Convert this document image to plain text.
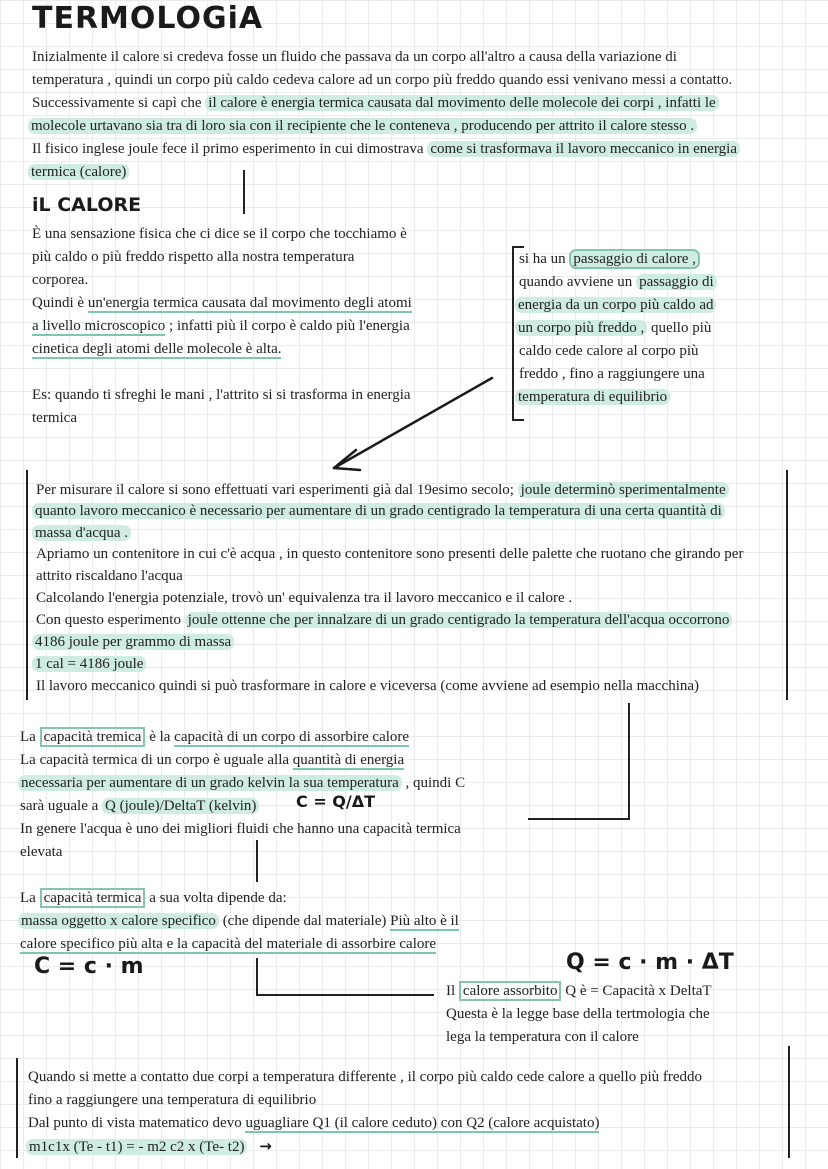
TERMOLOGiA
Inizialmente il calore si credeva fosse un fluido che passava da un corpo all'altro a causa della variazione di
temperatura , quindi un corpo più caldo cedeva calore ad un corpo più freddo quando essi venivano messi a contatto.
Successivamente si capì che il calore è energia termica causata dal movimento delle molecole dei corpi , infatti le
molecole urtavano sia tra di loro sia con il recipiente che le conteneva , producendo per attrito il calore stesso .
Il fisico inglese joule fece il primo esperimento in cui dimostrava come si trasformava il lavoro meccanico in energia
termica (calore)
iL CALORE
È una sensazione fisica che ci dice se il corpo che tocchiamo è
più caldo o più freddo rispetto alla nostra temperatura
corporea.
Quindi è un'energia termica causata dal movimento degli atomi
a livello microscopico ; infatti più il corpo è caldo più l'energia
cinetica degli atomi delle molecole è alta.
Es: quando ti sfreghi le mani , l'attrito si si trasforma in energia
termica
si ha un passaggio di calore ,
quando avviene un passaggio di
energia da un corpo più caldo ad
un corpo più freddo , quello più
caldo cede calore al corpo più
freddo , fino a raggiungere una
temperatura di equilibrio
Per misurare il calore si sono effettuati vari esperimenti già dal 19esimo secolo; joule determinò sperimentalmente
quanto lavoro meccanico è necessario per aumentare di un grado centigrado la temperatura di una certa quantità di
massa d'acqua .
Apriamo un contenitore in cui c'è acqua , in questo contenitore sono presenti delle palette che ruotano che girando per
attrito riscaldano l'acqua
Calcolando l'energia potenziale, trovò un' equivalenza tra il lavoro meccanico e il calore .
Con questo esperimento joule ottenne che per innalzare di un grado centigrado la temperatura dell'acqua occorrono
4186 joule per grammo di massa
1 cal = 4186 joule
Il lavoro meccanico quindi si può trasformare in calore e viceversa (come avviene ad esempio nella macchina)
La capacità tremica è la capacità di un corpo di assorbire calore
La capacità termica di un corpo è uguale alla quantità di energia
necessaria per aumentare di un grado kelvin la sua temperatura , quindi C
sarà uguale a Q (joule)/DeltaT (kelvin) C = Q/ΔT
In genere l'acqua è uno dei migliori fluidi che hanno una capacità termica
elevata
La capacità termica a sua volta dipende da:
massa oggetto x calore specifico (che dipende dal materiale) Più alto è il
calore specifico più alta e la capacità del materiale di assorbire calore
C = c · m	Q = c · m · ΔT
Il calore assorbito Q è = Capacità x DeltaT
Questa è la legge base della tertmologia che
lega la temperatura con il calore
Quando si mette a contatto due corpi a temperatura differente , il corpo più caldo cede calore a quello più freddo
fino a raggiungere una temperatura di equilibrio
Dal punto di vista matematico devo uguagliare Q1 (il calore ceduto) con Q2 (calore acquistato)
m1c1x (Te - t1) = - m2 c2 x (Te- t2) →
